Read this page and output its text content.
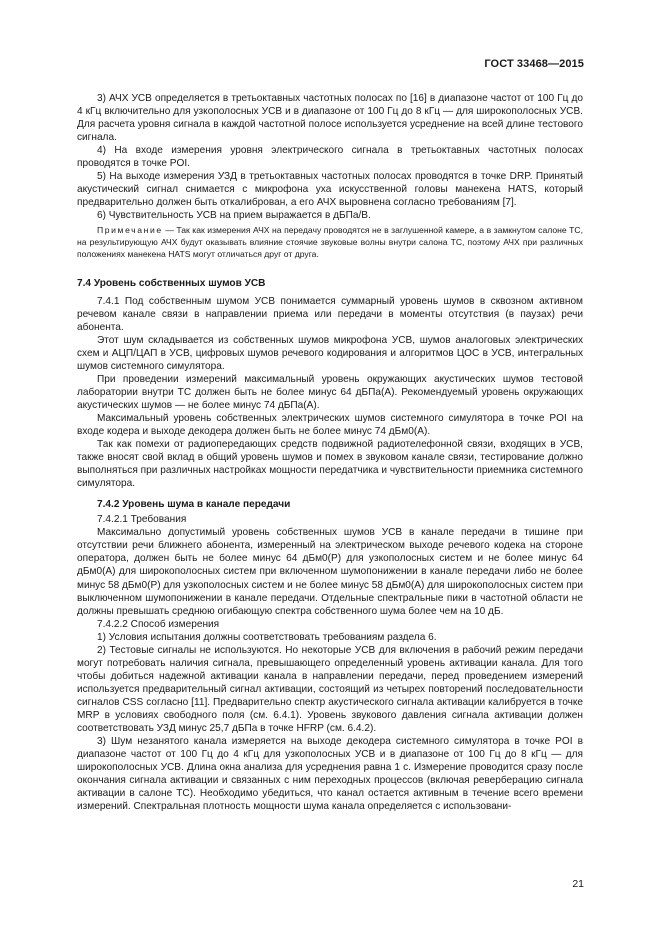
ГОСТ 33468—2015

3) АЧХ УСВ определяется в третьоктавных частотных полосах по [16] в диапазоне частот от 100 Гц до 4 кГц включительно для узкополосных УСВ и в диапазоне от 100 Гц до 8 кГц — для широкополосных УСВ. Для расчета уровня сигнала в каждой частотной полосе используется усреднение на всей длине тестового сигнала.

4) На входе измерения уровня электрического сигнала в третьоктавных частотных полосах проводятся в точке POI.

5) На выходе измерения УЗД в третьоктавных частотных полосах проводятся в точке DRP. Принятый акустический сигнал снимается с микрофона уха искусственной головы манекена HATS, который предварительно должен быть откалиброван, а его АЧХ выровнена согласно требованиям [7].

6) Чувствительность УСВ на прием выражается в дБПа/В.

Примечание — Так как измерения АЧХ на передачу проводятся не в заглушенной камере, а в замкнутом салоне ТС, на результирующую АЧХ будут оказывать влияние стоячие звуковые волны внутри салона ТС, поэтому АЧХ при различных положениях манекена HATS могут отличаться друг от друга.

7.4 Уровень собственных шумов УСВ

7.4.1 Под собственным шумом УСВ понимается суммарный уровень шумов в сквозном активном речевом канале связи в направлении приема или передачи в моменты отсутствия (в паузах) речи абонента.

Этот шум складывается из собственных шумов микрофона УСВ, шумов аналоговых электрических схем и АЦП/ЦАП в УСВ, цифровых шумов речевого кодирования и алгоритмов ЦОС в УСВ, интегральных шумов системного симулятора.

При проведении измерений максимальный уровень окружающих акустических шумов тестовой лаборатории внутри ТС должен быть не более минус 64 дБПа(А). Рекомендуемый уровень окружающих акустических шумов — не более минус 74 дБПа(А).

Максимальный уровень собственных электрических шумов системного симулятора в точке POI на входе кодера и выходе декодера должен быть не более минус 74 дБм0(А).

Так как помехи от радиопередающих средств подвижной радиотелефонной связи, входящих в УСВ, также вносят свой вклад в общий уровень шумов и помех в звуковом канале связи, тестирование должно выполняться при различных настройках мощности передатчика и чувствительности приемника системного симулятора.

7.4.2 Уровень шума в канале передачи

7.4.2.1 Требования

Максимально допустимый уровень собственных шумов УСВ в канале передачи в тишине при отсутствии речи ближнего абонента, измеренный на электрическом выходе речевого кодека на стороне оператора, должен быть не более минус 64 дБм0(Р) для узкополосных систем и не более минус 64 дБм0(А) для широкополосных систем при включенном шумопонижении в канале передачи либо не более минус 58 дБм0(Р) для узкополосных систем и не более минус 58 дБм0(А) для широкополосных систем при выключенном шумопонижении в канале передачи. Отдельные спектральные пики в частотной области не должны превышать среднюю огибающую спектра собственного шума более чем на 10 дБ.

7.4.2.2 Способ измерения

1) Условия испытания должны соответствовать требованиям раздела 6.

2) Тестовые сигналы не используются. Но некоторые УСВ для включения в рабочий режим передачи могут потребовать наличия сигнала, превышающего определенный уровень активации канала. Для того чтобы добиться надежной активации канала в направлении передачи, перед проведением измерений используется предварительный сигнал активации, состоящий из четырех повторений последовательности сигналов CSS согласно [11]. Предварительно спектр акустического сигнала активации калибруется в точке MRP в условиях свободного поля (см. 6.4.1). Уровень звукового давления сигнала активации должен соответствовать УЗД минус 25,7 дБПа в точке HFRP (см. 6.4.2).

3) Шум незанятого канала измеряется на выходе декодера системного симулятора в точке POI в диапазоне частот от 100 Гц до 4 кГц для узкополосных УСВ и в диапазоне от 100 Гц до 8 кГц — для широкополосных УСВ. Длина окна анализа для усреднения равна 1 с. Измерение проводится сразу после окончания сигнала активации и связанных с ним переходных процессов (включая реверберацию сигнала активации в салоне ТС). Необходимо убедиться, что канал остается активным в течение всего времени измерений. Спектральная плотность мощности шума канала определяется с использовани-

21
